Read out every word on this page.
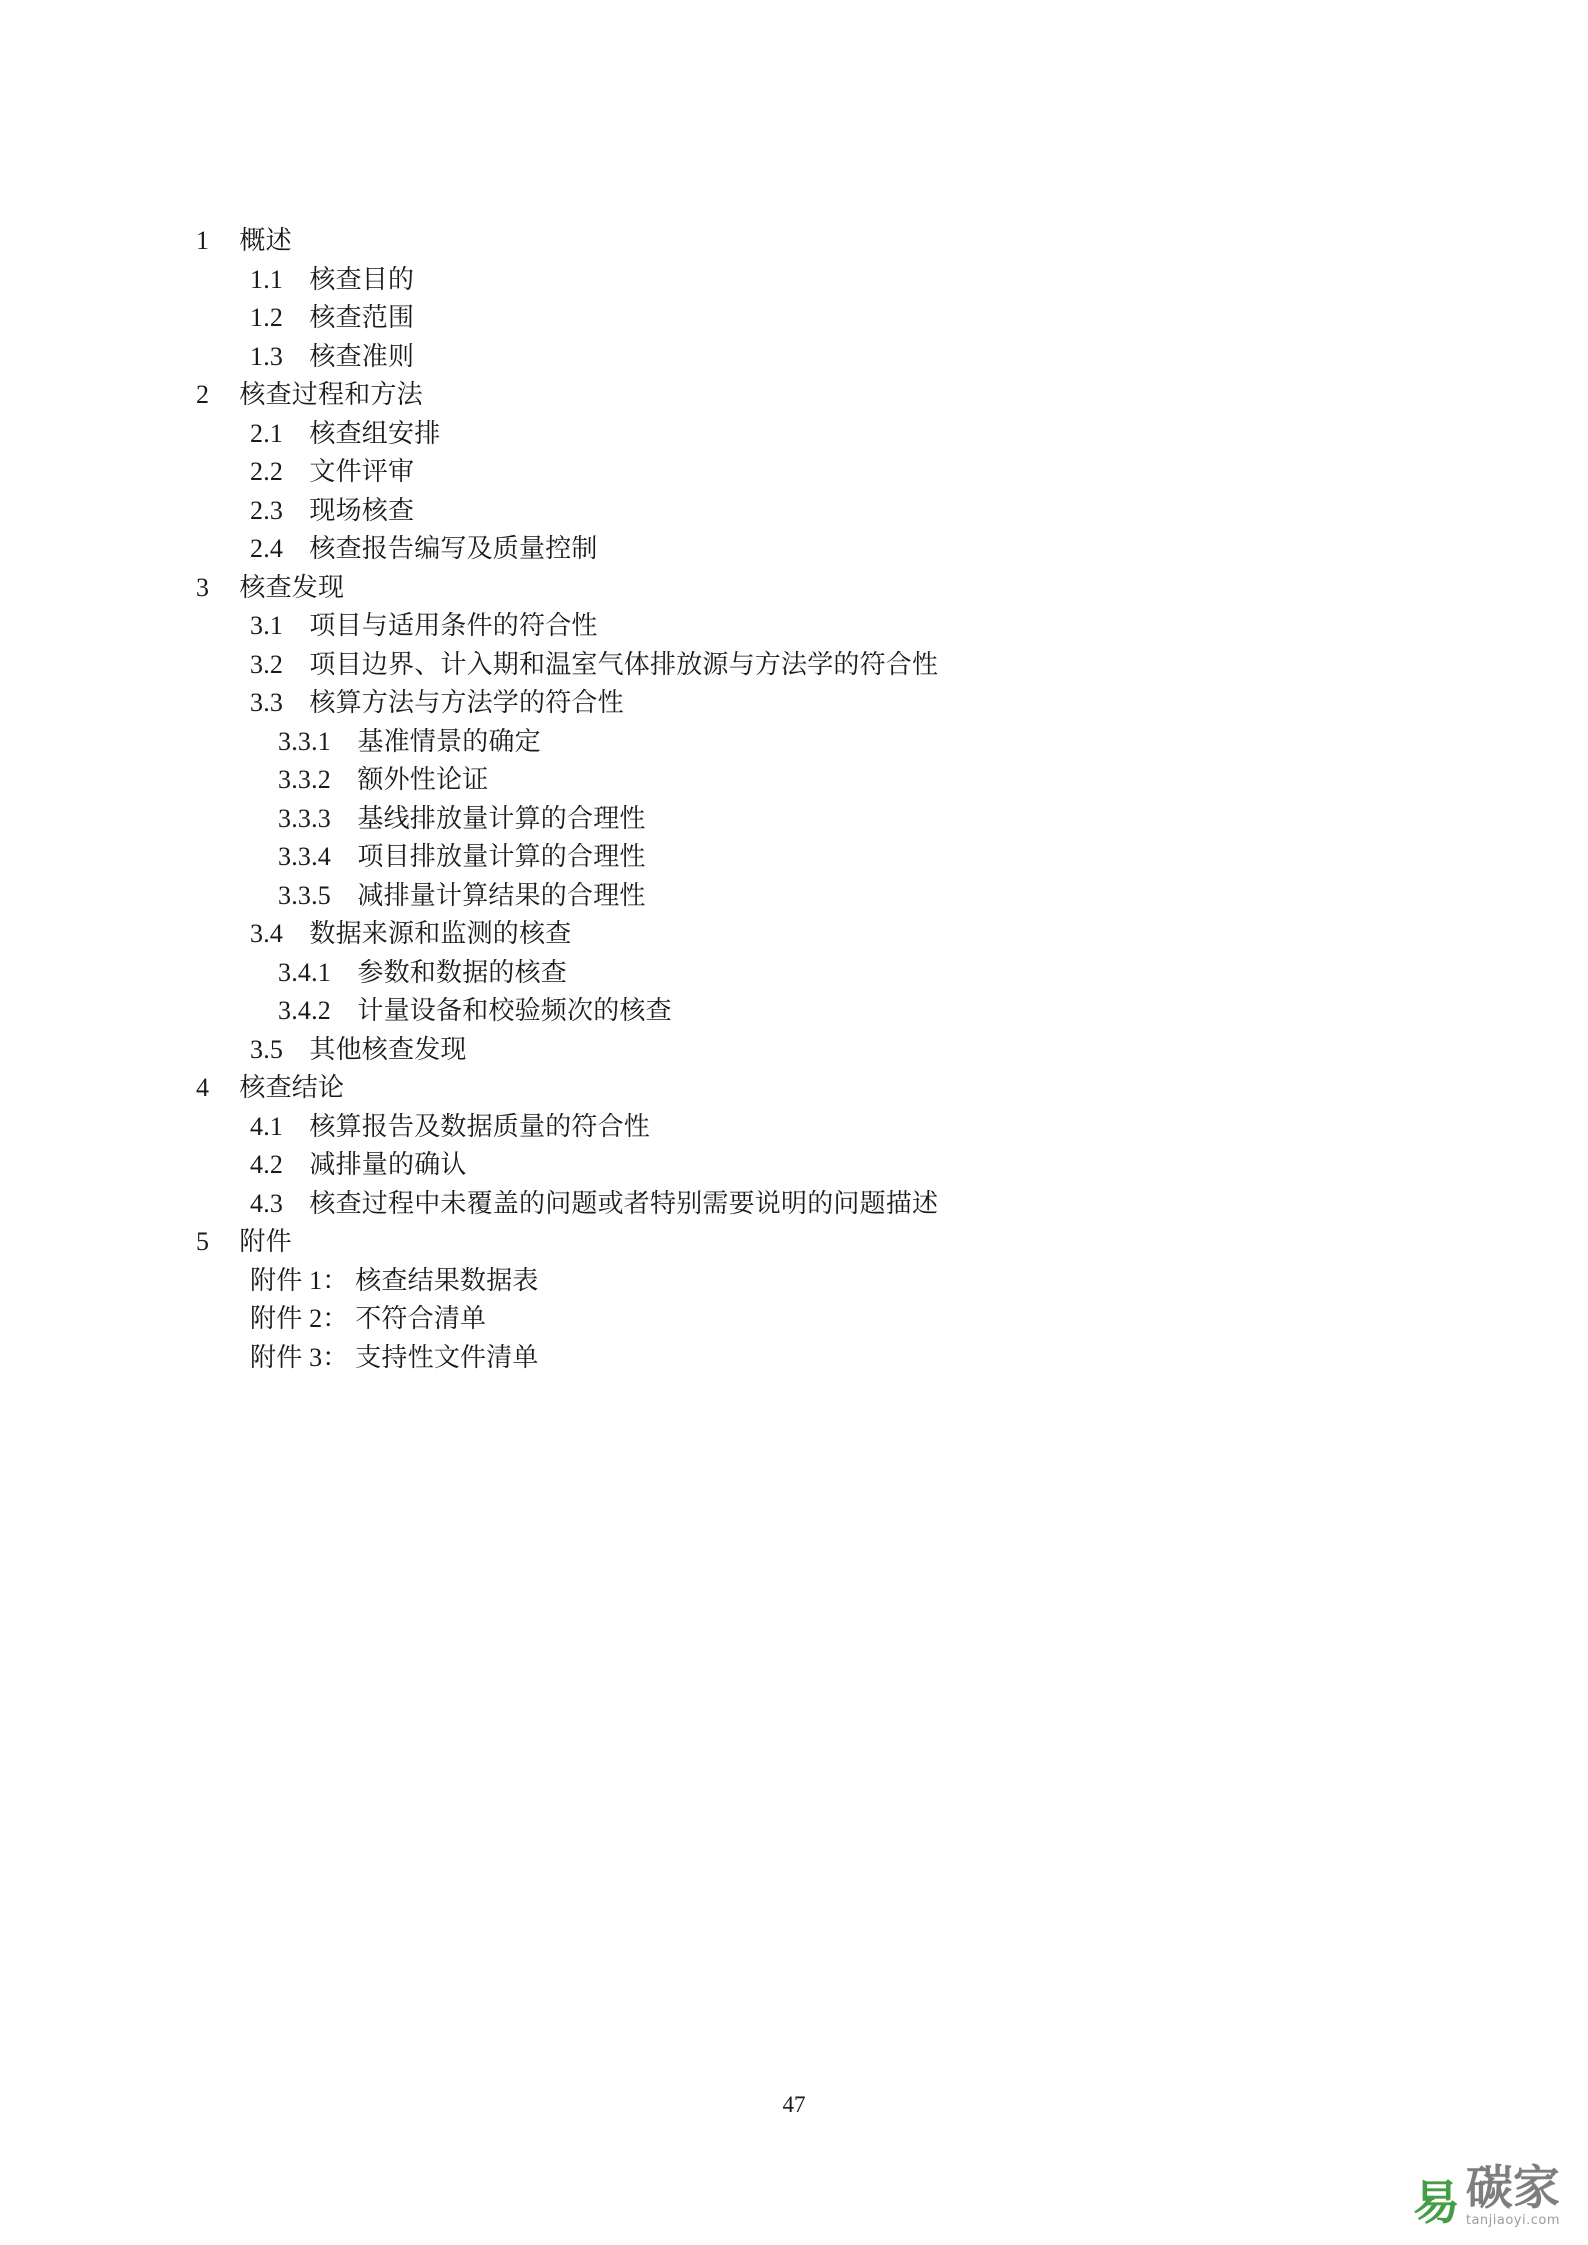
1 概述
1.1 核查目的
1.2 核查范围
1.3 核查准则
2 核查过程和方法
2.1 核查组安排
2.2 文件评审
2.3 现场核查
2.4 核查报告编写及质量控制
3 核查发现
3.1 项目与适用条件的符合性
3.2 项目边界、计入期和温室气体排放源与方法学的符合性
3.3 核算方法与方法学的符合性
3.3.1 基准情景的确定
3.3.2 额外性论证
3.3.3 基线排放量计算的合理性
3.3.4 项目排放量计算的合理性
3.3.5 减排量计算结果的合理性
3.4 数据来源和监测的核查
3.4.1 参数和数据的核查
3.4.2 计量设备和校验频次的核查
3.5 其他核查发现
4 核查结论
4.1 核算报告及数据质量的符合性
4.2 减排量的确认
4.3 核查过程中未覆盖的问题或者特别需要说明的问题描述
5 附件
附件 1： 核查结果数据表
附件 2： 不符合清单
附件 3： 支持性文件清单
47
易 碳家
tanjiaoyi.com
